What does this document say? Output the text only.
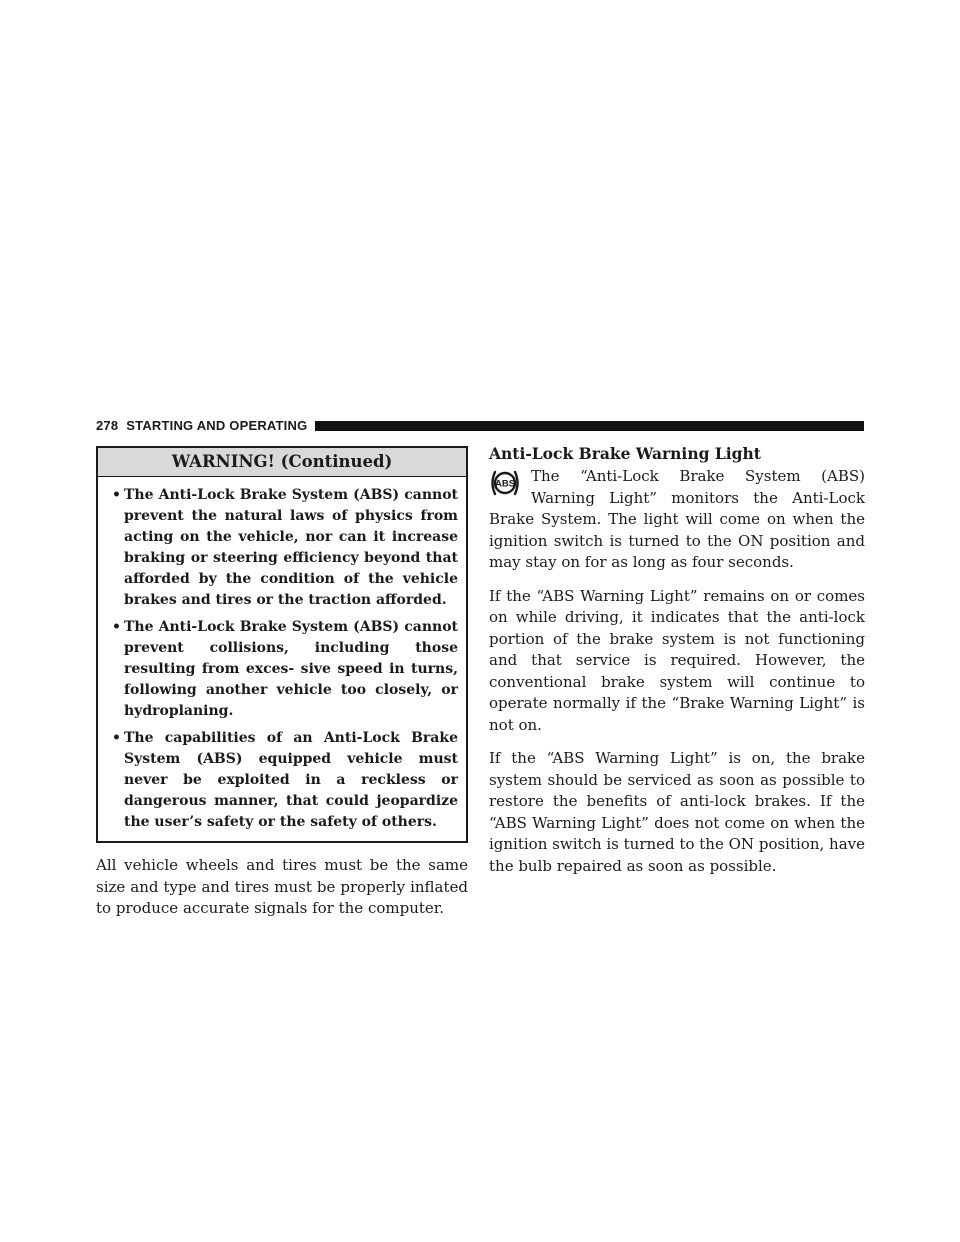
278 STARTING AND OPERATING
WARNING! (Continued)
• The Anti-Lock Brake System (ABS) cannot prevent the natural laws of physics from acting on the vehicle, nor can it increase braking or steering efficiency beyond that afforded by the condition of the vehicle brakes and tires or the traction afforded.
• The Anti-Lock Brake System (ABS) cannot prevent collisions, including those resulting from exces- sive speed in turns, following another vehicle too closely, or hydroplaning.
• The capabilities of an Anti-Lock Brake System (ABS) equipped vehicle must never be exploited in a reckless or dangerous manner, that could jeopardize the user’s safety or the safety of others.

All vehicle wheels and tires must be the same size and type and tires must be properly inflated to produce accurate signals for the computer.

Anti-Lock Brake Warning Light
ABS	The “Anti-Lock Brake System (ABS) Warning Light” monitors the Anti-Lock Brake System. The light will come on when the ignition switch is turned to the ON position and may stay on for as long as four seconds.

If the “ABS Warning Light” remains on or comes on while driving, it indicates that the anti-lock portion of the brake system is not functioning and that service is required. However, the conventional brake system will continue to operate normally if the “Brake Warning Light” is not on.

If the “ABS Warning Light” is on, the brake system should be serviced as soon as possible to restore the benefits of anti-lock brakes. If the “ABS Warning Light” does not come on when the ignition switch is turned to the ON position, have the bulb repaired as soon as possible.
